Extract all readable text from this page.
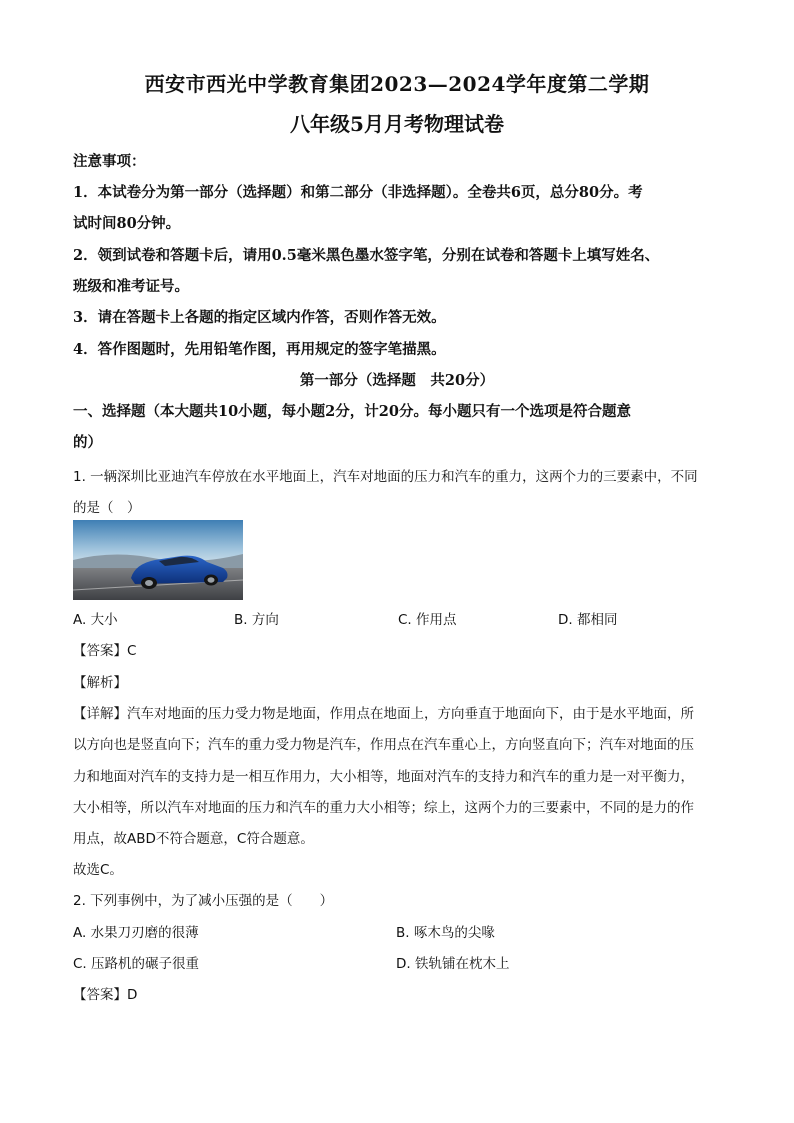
西安市西光中学教育集团2023—2024学年度第二学期
八年级5月月考物理试卷
注意事项：
1．本试卷分为第一部分（选择题）和第二部分（非选择题）。全卷共6页，总分80分。考
试时间80分钟。
2．领到试卷和答题卡后，请用0.5毫米黑色墨水签字笔，分别在试卷和答题卡上填写姓名、
班级和准考证号。
3．请在答题卡上各题的指定区域内作答，否则作答无效。
4．答作图题时，先用铅笔作图，再用规定的签字笔描黑。
第一部分（选择题　共20分）
一、选择题（本大题共10小题，每小题2分，计20分。每小题只有一个选项是符合题意
的）
1. 一辆深圳比亚迪汽车停放在水平地面上，汽车对地面的压力和汽车的重力，这两个力的三要素中，不同
的是（　）
A. 大小	B. 方向	C. 作用点	D. 都相同
【答案】C
【解析】
【详解】汽车对地面的压力受力物是地面，作用点在地面上，方向垂直于地面向下，由于是水平地面，所
以方向也是竖直向下；汽车的重力受力物是汽车，作用点在汽车重心上，方向竖直向下；汽车对地面的压
力和地面对汽车的支持力是一相互作用力，大小相等，地面对汽车的支持力和汽车的重力是一对平衡力，
大小相等，所以汽车对地面的压力和汽车的重力大小相等；综上，这两个力的三要素中，不同的是力的作
用点，故ABD不符合题意，C符合题意。
故选C。
2. 下列事例中，为了减小压强的是（　　）
A. 水果刀刃磨的很薄	B. 啄木鸟的尖喙
C. 压路机的碾子很重	D. 铁轨铺在枕木上
【答案】D
